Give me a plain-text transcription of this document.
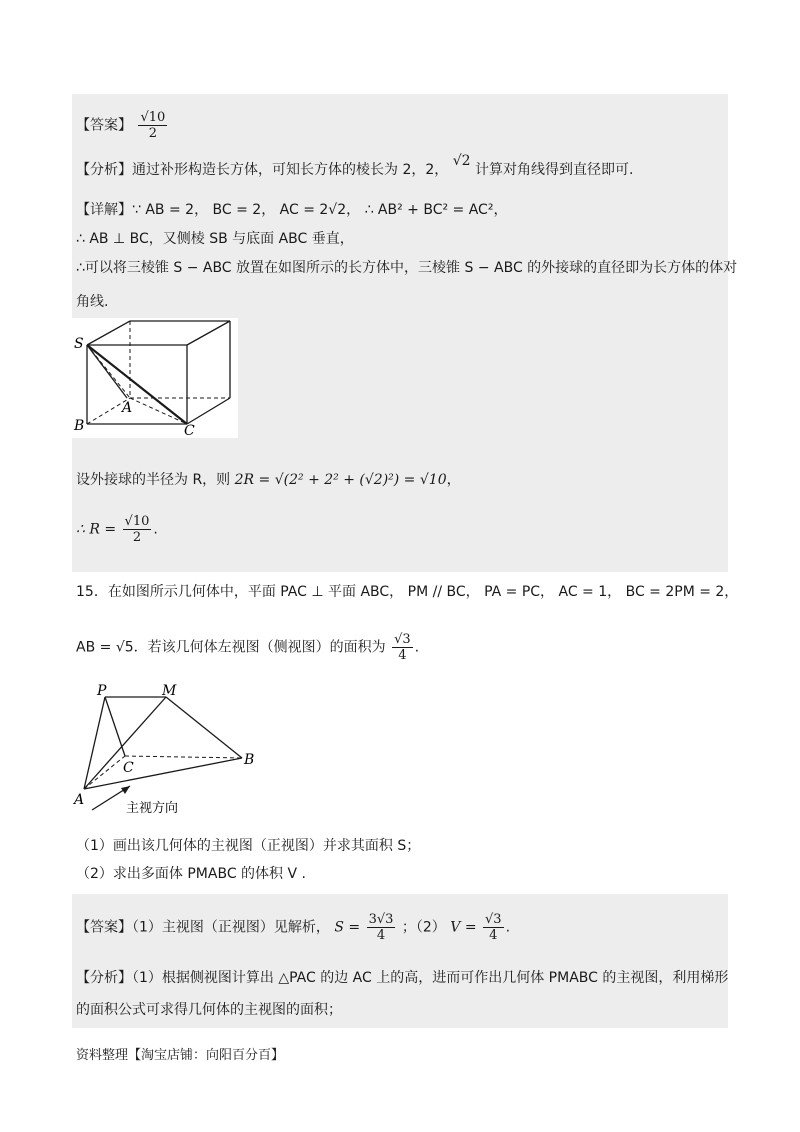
【答案】 $\frac{√10}{2}$
【分析】通过补形构造长方体，可知长方体的棱长为 2，2， √2 计算对角线得到直径即可.
【详解】∵ AB = 2， BC = 2， AC = 2√2， ∴ AB² + BC² = AC²，
∴ AB ⊥ BC，又侧棱 SB 与底面 ABC 垂直，
∴可以将三棱锥 S − ABC 放置在如图所示的长方体中，三棱锥 S − ABC 的外接球的直径即为长方体的体对
角线.
S
A
B	C
设外接球的半径为 R，则 2R = √(2² + 2² + (√2)²) = √10，
∴ $R = \frac{√10}{2}$ .
15．在如图所示几何体中，平面 PAC ⊥ 平面 ABC， PM // BC， PA = PC， AC = 1， BC = 2PM = 2，
AB = √5．若该几何体左视图（侧视图）的面积为 $\frac{√3}{4}$ .
P	M
C	B
A
主视方向
（1）画出该几何体的主视图（正视图）并求其面积 S；
（2）求出多面体 PMABC 的体积 V .
【答案】（1）主视图（正视图）见解析， $S = \frac{3√3}{4}$ ；（2） $V = \frac{√3}{4}$ .
【分析】（1）根据侧视图计算出 △PAC 的边 AC 上的高，进而可作出几何体 PMABC 的主视图，利用梯形
的面积公式可求得几何体的主视图的面积；
资料整理【淘宝店铺：向阳百分百】
